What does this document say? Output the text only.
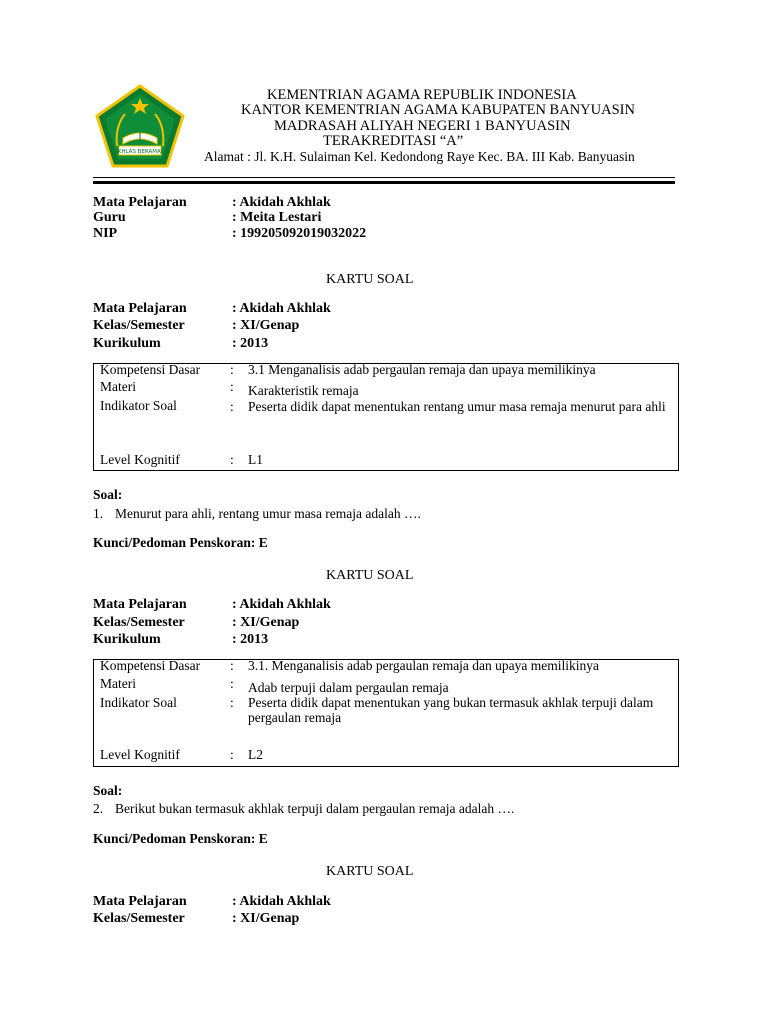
IKHLAS BERAMAL
KEMENTRIAN AGAMA REPUBLIK INDONESIA
KANTOR KEMENTRIAN AGAMA KABUPATEN BANYUASIN
MADRASAH ALIYAH NEGERI 1 BANYUASIN
TERAKREDITASI “A”
Alamat : Jl. K.H. Sulaiman Kel. Kedondong Raye Kec. BA. III Kab. Banyuasin
Mata Pelajaran	: Akidah Akhlak
Guru	: Meita Lestari
NIP	: 199205092019032022
KARTU SOAL
Mata Pelajaran	: Akidah Akhlak
Kelas/Semester	: XI/Genap
Kurikulum	: 2013
Kompetensi Dasar : 3.1 Menganalisis adab pergaulan remaja dan upaya memilikinya
Materi	: Karakteristik remaja
Indikator Soal	: Peserta didik dapat menentukan rentang umur masa remaja menurut para ahli
Level Kognitif	: L1
Soal:
1. Menurut para ahli, rentang umur masa remaja adalah ….
Kunci/Pedoman Penskoran: E
KARTU SOAL
Mata Pelajaran	: Akidah Akhlak
Kelas/Semester	: XI/Genap
Kurikulum	: 2013
Kompetensi Dasar : 3.1. Menganalisis adab pergaulan remaja dan upaya memilikinya
Materi	: Adab terpuji dalam pergaulan remaja
Indikator Soal	: Peserta didik dapat menentukan yang bukan termasuk akhlak terpuji dalam pergaulan remaja
Level Kognitif	: L2
Soal:
2. Berikut bukan termasuk akhlak terpuji dalam pergaulan remaja adalah ….
Kunci/Pedoman Penskoran: E
KARTU SOAL
Mata Pelajaran	: Akidah Akhlak
Kelas/Semester	: XI/Genap
